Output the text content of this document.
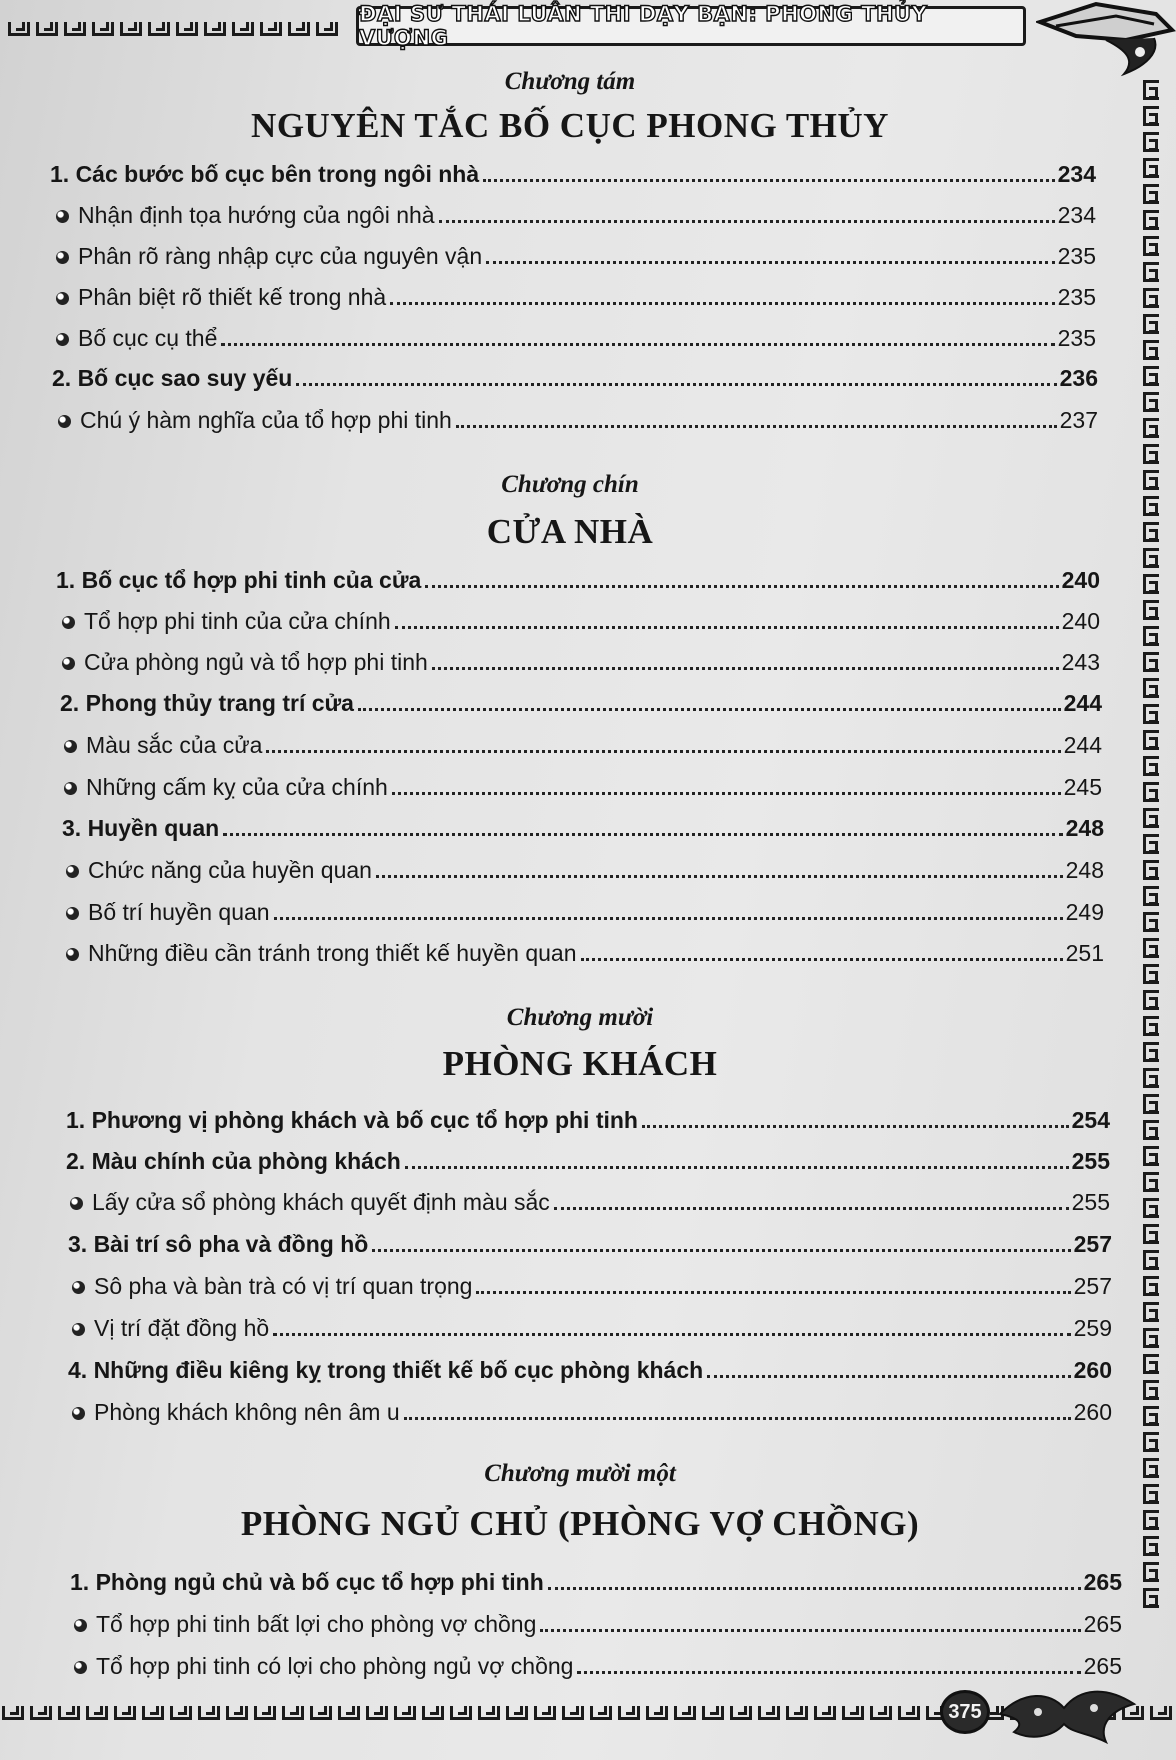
ĐẠI SƯ THÁI LUÂN THI DẠY BẠN: PHONG THỦY VƯỢNG
375
Chương tám
NGUYÊN TẮC BỐ CỤC PHONG THỦY
1. Các bước bố cục bên trong ngôi nhà	234
Nhận định tọa hướng của ngôi nhà	234
Phân rõ ràng nhập cực của nguyên vận	235
Phân biệt rõ thiết kế trong nhà	235
Bố cục cụ thể	235
2. Bố cục sao suy yếu	236
Chú ý hàm nghĩa của tổ hợp phi tinh	237
Chương chín
CỬA NHÀ
1. Bố cục tổ hợp phi tinh của cửa	240
Tổ hợp phi tinh của cửa chính	240
Cửa phòng ngủ và tổ hợp phi tinh	243
2. Phong thủy trang trí cửa	244
Màu sắc của cửa	244
Những cấm kỵ của cửa chính	245
3. Huyền quan	248
Chức năng của huyền quan	248
Bố trí huyền quan	249
Những điều cần tránh trong thiết kế huyền quan	251
Chương mười
PHÒNG KHÁCH
1. Phương vị phòng khách và bố cục tổ hợp phi tinh	254
2. Màu chính của phòng khách	255
Lấy cửa sổ phòng khách quyết định màu sắc	255
3. Bài trí sô pha và đồng hồ	257
Sô pha và bàn trà có vị trí quan trọng	257
Vị trí đặt đồng hồ	259
4. Những điều kiêng kỵ trong thiết kế bố cục phòng khách	260
Phòng khách không nên âm u	260
Chương mười một
PHÒNG NGỦ CHỦ (PHÒNG VỢ CHỒNG)
1. Phòng ngủ chủ và bố cục tổ hợp phi tinh	265
Tổ hợp phi tinh bất lợi cho phòng vợ chồng	265
Tổ hợp phi tinh có lợi cho phòng ngủ vợ chồng	265
